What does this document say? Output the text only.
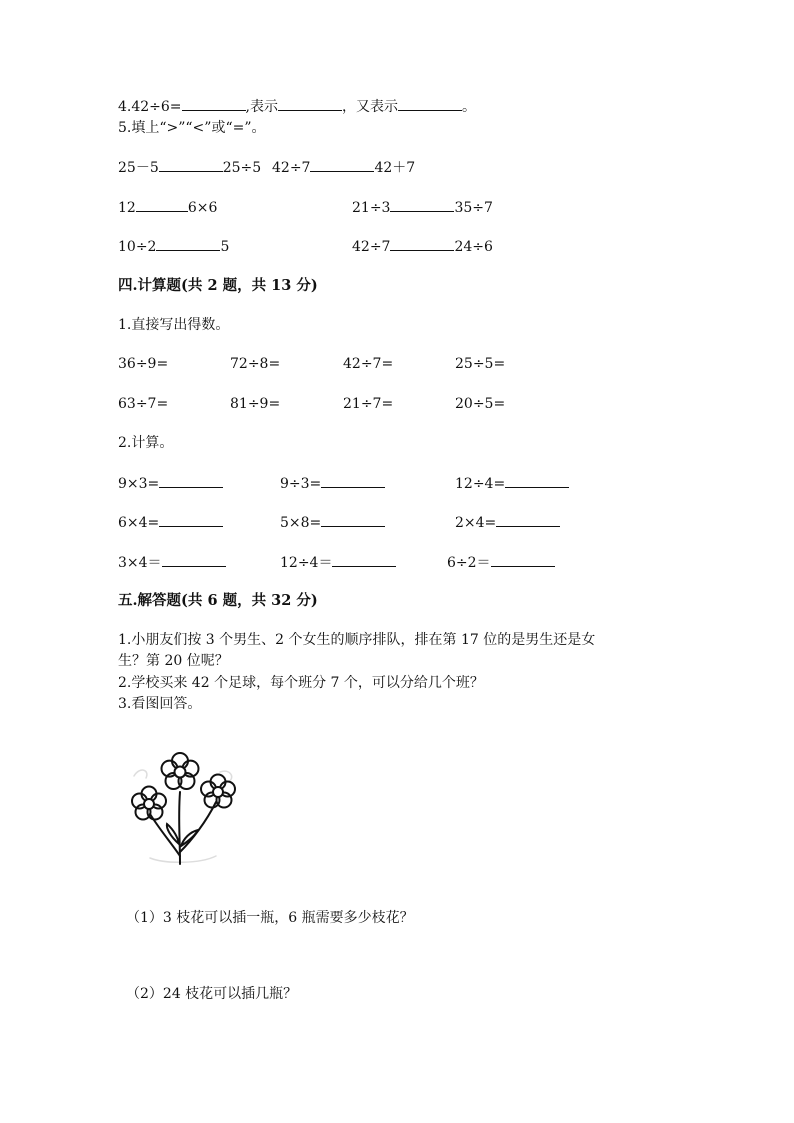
4.42÷6=	,表示	，又表示	。
5.填上“>”“<”或“=”。
25－5	25÷5 42÷7	42＋7
12	6×6	21÷3	35÷7
10÷2	5	42÷7	24÷6
四.计算题(共 2 题，共 13 分)
1.直接写出得数。
36÷9=	72÷8=	42÷7=	25÷5=
63÷7=	81÷9=	21÷7=	20÷5=
2.计算。
9×3=	9÷3=	12÷4=
6×4=	5×8=	2×4=
3×4＝	12÷4＝	6÷2＝
五.解答题(共 6 题，共 32 分)
1.小朋友们按 3 个男生、2 个女生的顺序排队，排在第 17 位的是男生还是女
生？第 20 位呢？
2.学校买来 42 个足球，每个班分 7 个，可以分给几个班？
3.看图回答。
（1）3 枝花可以插一瓶，6 瓶需要多少枝花？
（2）24 枝花可以插几瓶？
